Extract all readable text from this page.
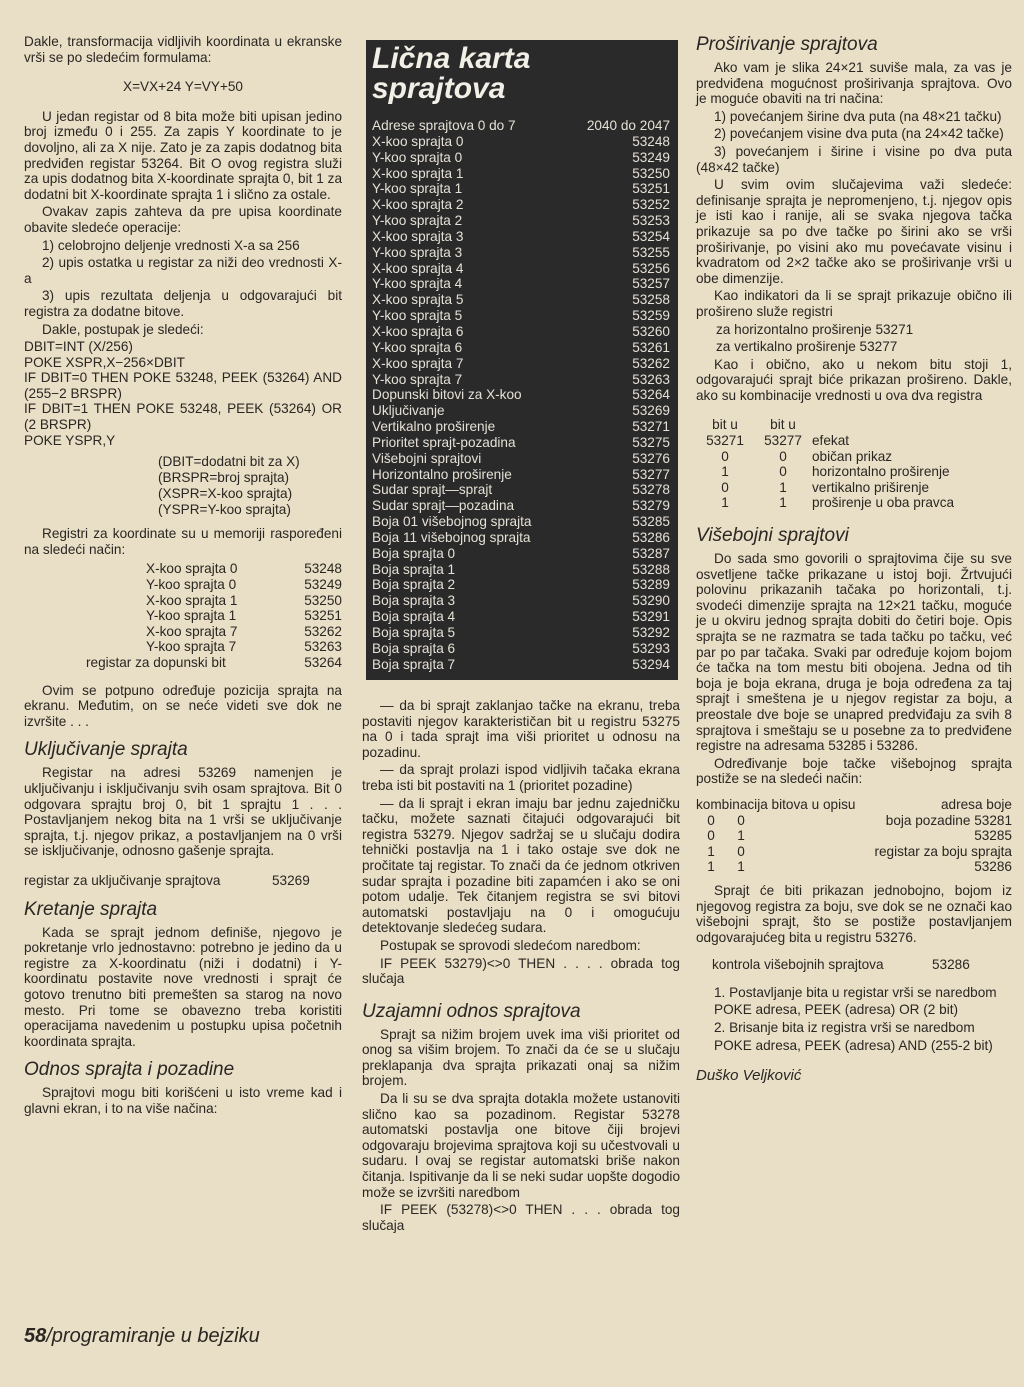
Dakle, transformacija vidljivih koordinata u ekranske vrši se po sledećim formulama:

X=VX+24 Y=VY+50

U jedan registar od 8 bita može biti upisan jedino broj između 0 i 255. Za zapis Y koordinate to je dovoljno, ali za X nije. Zato je za zapis dodatnog bita predviđen registar 53264. Bit O ovog registra služi za upis dodatnog bita X-koordinate sprajta 0, bit 1 za dodatni bit X-koordinate sprajta 1 i slično za ostale.

Ovakav zapis zahteva da pre upisa koordinate obavite sledeće operacije:

1) celobrojno deljenje vrednosti X-a sa 256

2) upis ostatka u registar za niži deo vrednosti X-a

3) upis rezultata deljenja u odgovarajući bit registra za dodatne bitove.

Dakle, postupak je sledeći:

DBIT=INT (X/256)
POKE XSPR,X−256×DBIT
IF DBIT=0 THEN POKE 53248, PEEK (53264) AND (255−2 BRSPR)
IF DBIT=1 THEN POKE 53248, PEEK (53264) OR (2 BRSPR)
POKE YSPR,Y
(DBIT=dodatni bit za X)
(BRSPR=broj sprajta)
(XSPR=X-koo sprajta)
(YSPR=Y-koo sprajta)

Registri za koordinate su u memoriji raspoređeni na sledeći način:

X-koo sprajta 0	53248
Y-koo sprajta 0	53249
X-koo sprajta 1	53250
Y-koo sprajta 1	53251
X-koo sprajta 7	53262
Y-koo sprajta 7	53263
registar za dopunski bit	53264

Ovim se potpuno određuje pozicija sprajta na ekranu. Međutim, on se neće videti sve dok ne izvršite . . .

Uključivanje sprajta

Registar na adresi 53269 namenjen je uključivanju i isključivanju svih osam sprajtova. Bit 0 odgovara sprajtu broj 0, bit 1 sprajtu 1 . . . Postavljanjem nekog bita na 1 vrši se uključivanje sprajta, t.j. njegov prikaz, a postavljanjem na 0 vrši se isključivanje, odnosno gašenje sprajta.

registar za uključivanje sprajtova	53269
Kretanje sprajta

Kada se sprajt jednom definiše, njegovo je pokretanje vrlo jednostavno: potrebno je jedino da u registre za X-koordinatu (niži i dodatni) i Y-koordinatu postavite nove vrednosti i sprajt će gotovo trenutno biti premešten sa starog na novo mesto. Pri tome se obavezno treba koristiti operacijama navedenim u postupku upisa početnih koordinata sprajta.

Odnos sprajta i pozadine

Sprajtovi mogu biti korišćeni u isto vreme kad i glavni ekran, i to na više načina:

Lična karta
sprajtova
Adrese sprajtova 0 do 7	2040 do 2047
X-koo sprajta 0	53248
Y-koo sprajta 0	53249
X-koo sprajta 1	53250
Y-koo sprajta 1	53251
X-koo sprajta 2	53252
Y-koo sprajta 2	53253
X-koo sprajta 3	53254
Y-koo sprajta 3	53255
X-koo sprajta 4	53256
Y-koo sprajta 4	53257
X-koo sprajta 5	53258
Y-koo sprajta 5	53259
X-koo sprajta 6	53260
Y-koo sprajta 6	53261
X-koo sprajta 7	53262
Y-koo sprajta 7	53263
Dopunski bitovi za X-koo	53264
Uključivanje	53269
Vertikalno proširenje	53271
Prioritet sprajt-pozadina	53275
Višebojni sprajtovi	53276
Horizontalno proširenje	53277
Sudar sprajt—sprajt	53278
Sudar sprajt—pozadina	53279
Boja 01 višebojnog sprajta	53285
Boja 11 višebojnog sprajta	53286
Boja sprajta 0	53287
Boja sprajta 1	53288
Boja sprajta 2	53289
Boja sprajta 3	53290
Boja sprajta 4	53291
Boja sprajta 5	53292
Boja sprajta 6	53293
Boja sprajta 7	53294

— da bi sprajt zaklanjao tačke na ekranu, treba postaviti njegov karakterističan bit u registru 53275 na 0 i tada sprajt ima viši prioritet u odnosu na pozadinu.

— da sprajt prolazi ispod vidljivih tačaka ekrana treba isti bit postaviti na 1 (prioritet pozadine)

— da li sprajt i ekran imaju bar jednu zajedničku tačku, možete saznati čitajući odgovarajući bit registra 53279. Njegov sadržaj se u slučaju dodira tehnički postavlja na 1 i tako ostaje sve dok ne pročitate taj registar. To znači da će jednom otkriven sudar sprajta i pozadine biti zapamćen i ako se oni potom udalje. Tek čitanjem registra se svi bitovi automatski postavljaju na 0 i omogućuju detektovanje sledećeg sudara.

Postupak se sprovodi sledećom naredbom:

IF PEEK 53279)<>0 THEN . . . . obrada tog slučaja

Uzajamni odnos sprajtova

Sprajt sa nižim brojem uvek ima viši prioritet od onog sa višim brojem. To znači da će se u slučaju preklapanja dva sprajta prikazati onaj sa nižim brojem.

Da li su se dva sprajta dotakla možete ustanoviti slično kao sa pozadinom. Registar 53278 automatski postavlja one bitove čiji brojevi odgovaraju brojevima sprajtova koji su učestvovali u sudaru. I ovaj se registar automatski briše nakon čitanja. Ispitivanje da li se neki sudar uopšte dogodio može se izvršiti naredbom

IF PEEK (53278)<>0 THEN . . . obrada tog slučaja

Proširivanje sprajtova

Ako vam je slika 24×21 suviše mala, za vas je predviđena mogućnost proširivanja sprajtova. Ovo je moguće obaviti na tri načina:

1) povećanjem širine dva puta (na 48×21 tačku)

2) povećanjem visine dva puta (na 24×42 tačke)

3) povećanjem i širine i visine po dva puta (48×42 tačke)

U svim ovim slučajevima važi sledeće: definisanje sprajta je nepromenjeno, t.j. njegov opis je isti kao i ranije, ali se svaka njegova tačka prikazuje sa po dve tačke po širini ako se vrši proširivanje, po visini ako mu povećavate visinu i kvadratom od 2×2 tačke ako se proširivanje vrši u obe dimenzije.

Kao indikatori da li se sprajt prikazuje obično ili prošireno služe registri

za horizontalno proširenje 53271

za vertikalno proširenje 53277

Kao i obično, ako u nekom bitu stoji 1, odgovarajući sprajt biće prikazan prošireno. Dakle, ako su kombinacije vrednosti u ova dva registra

bit u	bit u
53271	53277 efekat
0	0	običan prikaz
1	0	horizontalno proširenje
0	1	vertikalno priširenje
1	1	proširenje u oba pravca
Višebojni sprajtovi

Do sada smo govorili o sprajtovima čije su sve osvetljene tačke prikazane u istoj boji. Žrtvujući polovinu prikazanih tačaka po horizontali, t.j. svodeći dimenzije sprajta na 12×21 tačku, moguće je u okviru jednog sprajta dobiti do četiri boje. Opis sprajta se ne razmatra se tada tačku po tačku, već par po par tačaka. Svaki par određuje kojom bojom će tačka na tom mestu biti obojena. Jedna od tih boja je boja ekrana, druga je boja određena za taj sprajt i smeštena je u njegov registar za boju, a preostale dve boje se unapred predviđaju za svih 8 sprajtova i smeštaju se u posebne za to predviđene registre na adresama 53285 i 53286.

Određivanje boje tačke višebojnog sprajta postiže se na sledeći način:

kombinacija bitova u opisu	adresa boje
0	0	boja pozadine 53281
0	1	53285
1	0	registar za boju sprajta
1	1	53286

Sprajt će biti prikazan jednobojno, bojom iz njegovog registra za boju, sve dok se ne označi kao višebojni sprajt, što se postiže postavljanjem odgovarajućeg bita u registru 53276.

kontrola višebojnih sprajtova	53286

1. Postavljanje bita u registar vrši se naredbom

POKE adresa, PEEK (adresa) OR (2 bit)

2. Brisanje bita iz registra vrši se naredbom

POKE adresa, PEEK (adresa) AND (255-2 bit)

Duško Veljković
58/programiranje u bejziku
